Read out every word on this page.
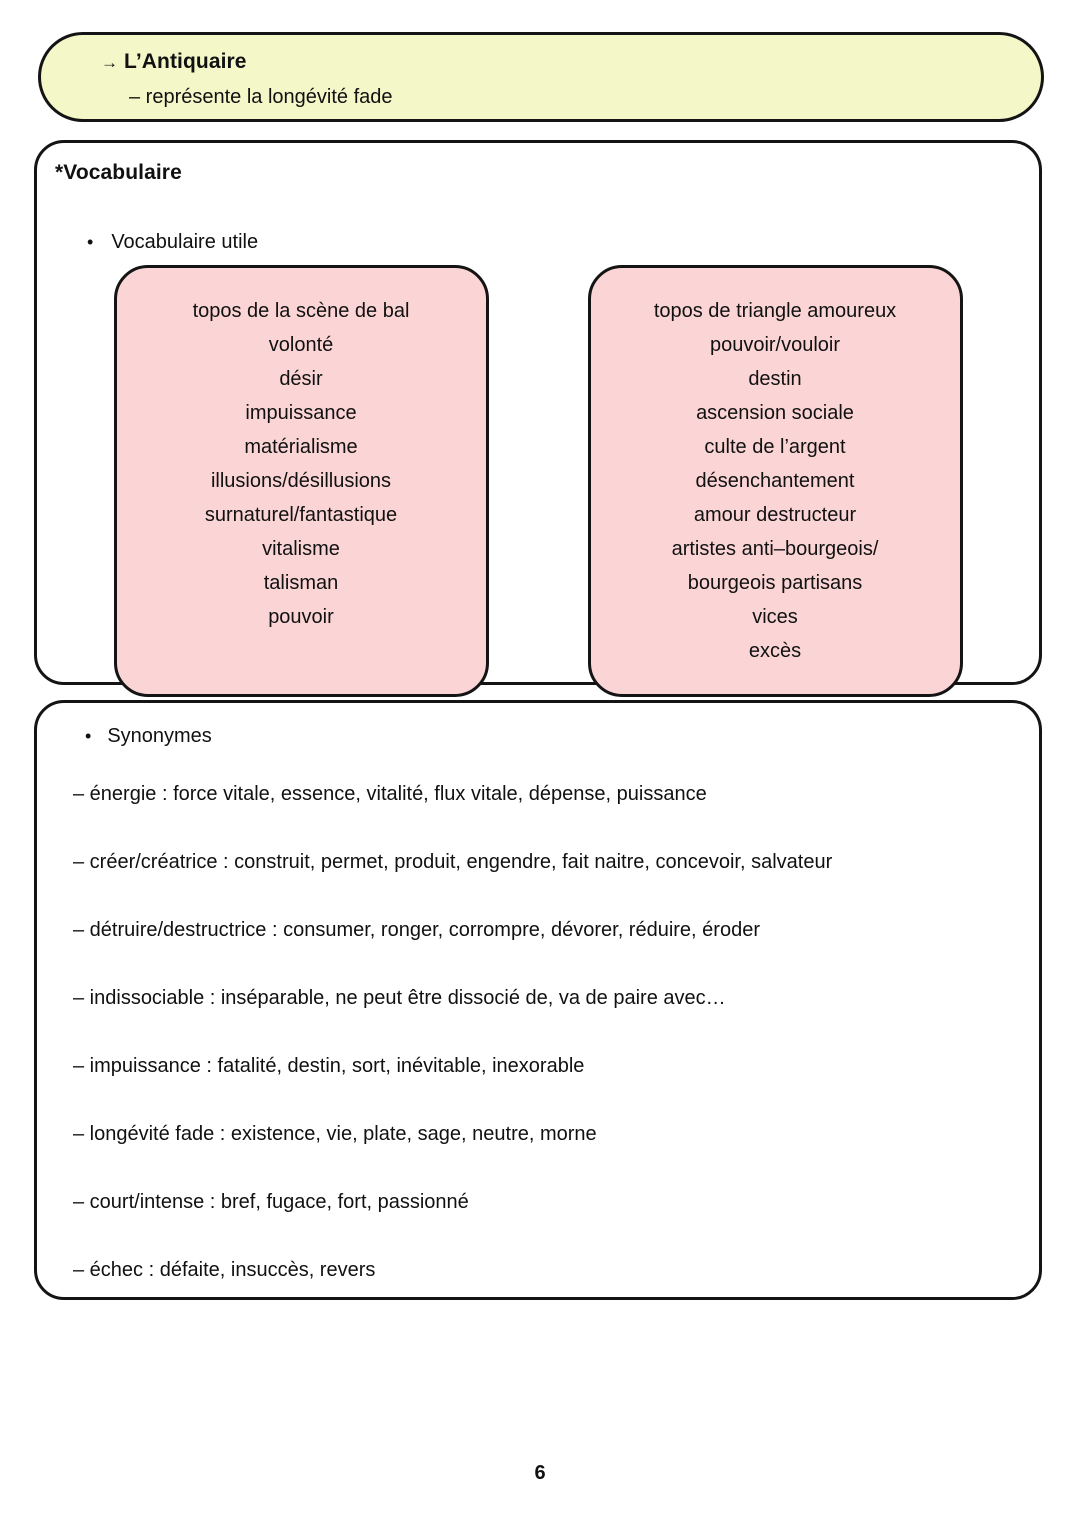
→ L’Antiquaire
– représente la longévité fade
*Vocabulaire
• Vocabulaire utile
topos de la scène de bal
volonté
désir
impuissance
matérialisme
illusions/désillusions
surnaturel/fantastique
vitalisme
talisman
pouvoir
topos de triangle amoureux
pouvoir/vouloir
destin
ascension sociale
culte de l’argent
désenchantement
amour destructeur
artistes anti–bourgeois/
bourgeois partisans
vices
excès
• Synonymes
– énergie : force vitale, essence, vitalité, flux vitale, dépense, puissance
– créer/créatrice : construit, permet, produit, engendre, fait naitre, concevoir, salvateur
– détruire/destructrice : consumer, ronger, corrompre, dévorer, réduire, éroder
– indissociable : inséparable, ne peut être dissocié de, va de paire avec…
– impuissance : fatalité, destin, sort, inévitable, inexorable
– longévité fade : existence, vie, plate, sage, neutre, morne
– court/intense : bref, fugace, fort, passionné
– échec : défaite, insuccès, revers
6
